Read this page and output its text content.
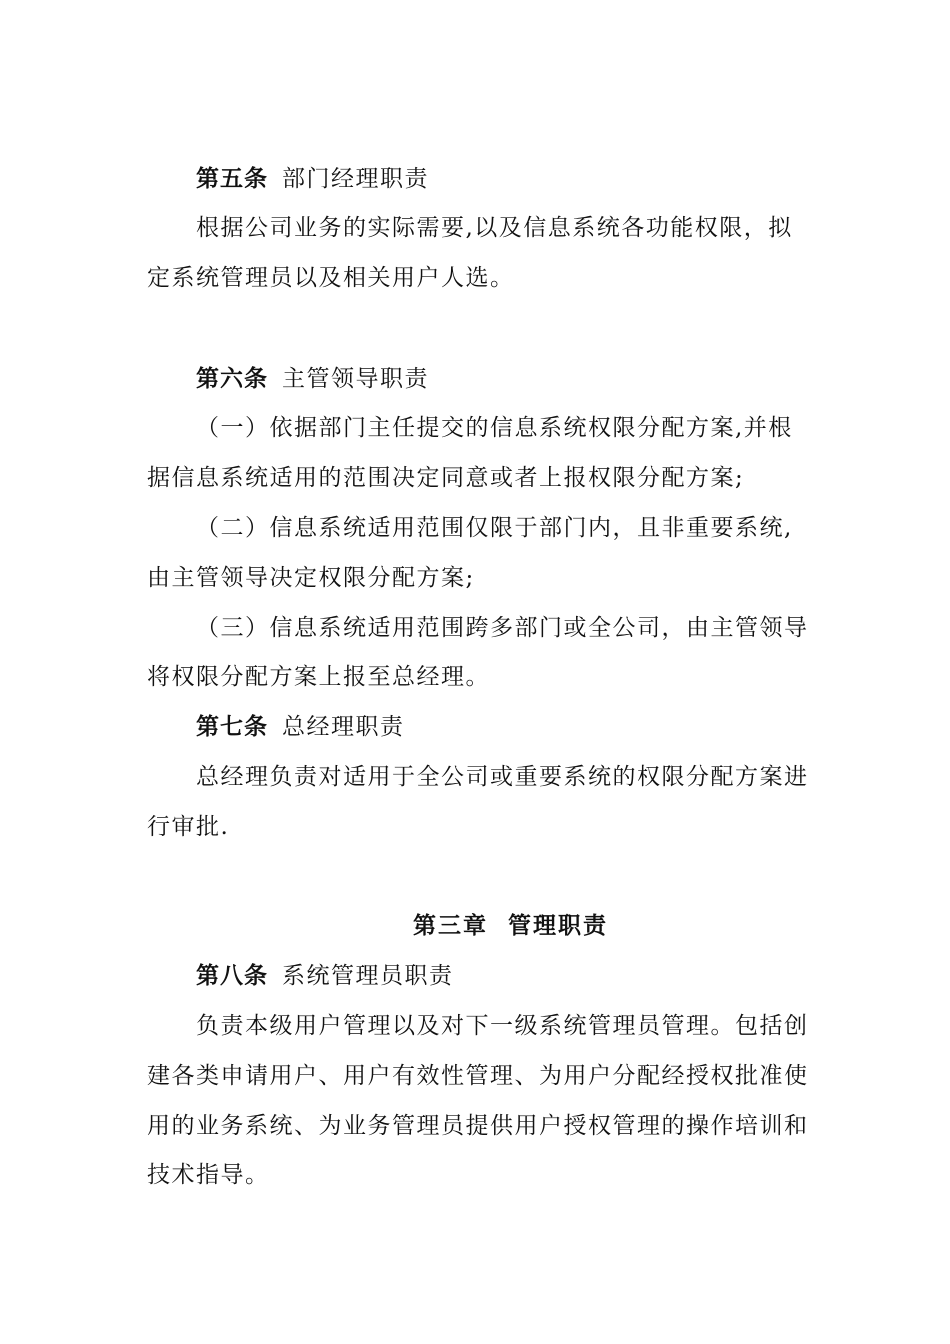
第五条 部门经理职责
根据公司业务的实际需要,以及信息系统各功能权限，拟
定系统管理员以及相关用户人选。
第六条 主管领导职责
（一）依据部门主任提交的信息系统权限分配方案,并根
据信息系统适用的范围决定同意或者上报权限分配方案;
（二）信息系统适用范围仅限于部门内，且非重要系统,
由主管领导决定权限分配方案;
（三）信息系统适用范围跨多部门或全公司，由主管领导
将权限分配方案上报至总经理。
第七条 总经理职责
总经理负责对适用于全公司或重要系统的权限分配方案进
行审批.
第三章 管理职责
第八条 系统管理员职责
负责本级用户管理以及对下一级系统管理员管理。包括创
建各类申请用户、用户有效性管理、为用户分配经授权批准使
用的业务系统、为业务管理员提供用户授权管理的操作培训和
技术指导。
